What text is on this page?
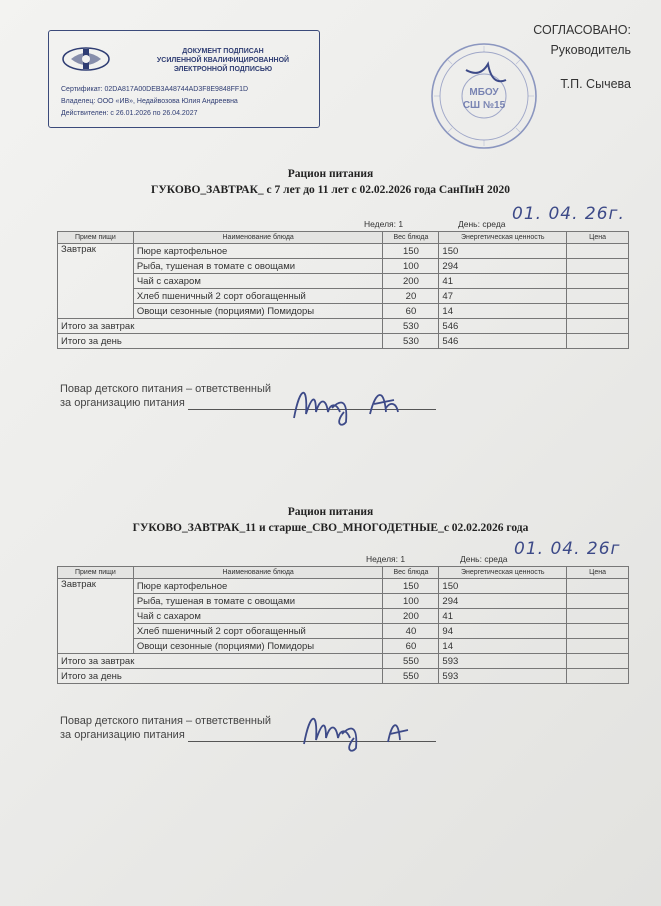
ДОКУМЕНТ ПОДПИСАН
УСИЛЕННОЙ КВАЛИФИЦИРОВАННОЙ
ЭЛЕКТРОННОЙ ПОДПИСЬЮ
Сертификат: 02DA817A00DEB3A48744AD3F8E9848FF1D
Владелец: ООО «ИВ», Недайвозова Юлия Андреевна
Действителен: с 26.01.2026 по 26.04.2027
МБОУ
СШ №15
СОГЛАСОВАНО:
Руководитель
Т.П. Сычева
Рацион питания
ГУКОВО_ЗАВТРАК_ с 7 лет до 11 лет с 02.02.2026 года СанПиН 2020
Неделя: 1	День: среда 01. 04. 26г.
Прием пищи	Наименование блюда	Вес блюда	Энергетическая ценность	Цена
Завтрак	Пюре картофельное	150	150	
	Рыба, тушеная в томате с овощами	100	294	
	Чай с сахаром	200	41	
	Хлеб пшеничный 2 сорт обогащенный	20	47	
	Овощи сезонные (порциями) Помидоры	60	14	
Итого за завтрак		530	546	
Итого за день		530	546	
Повар детского питания – ответственный
за организацию питания
Рацион питания
ГУКОВО_ЗАВТРАК_11 и старше_СВО_МНОГОДЕТНЫЕ_с 02.02.2026 года
Неделя: 1	День: среда 01. 04. 26г
Прием пищи	Наименование блюда	Вес блюда	Энергетическая ценность	Цена
Завтрак	Пюре картофельное	150	150	
	Рыба, тушеная в томате с овощами	100	294	
	Чай с сахаром	200	41	
	Хлеб пшеничный 2 сорт обогащенный	40	94	
	Овощи сезонные (порциями) Помидоры	60	14	
Итого за завтрак		550	593	
Итого за день		550	593	
Повар детского питания – ответственный
за организацию питания
